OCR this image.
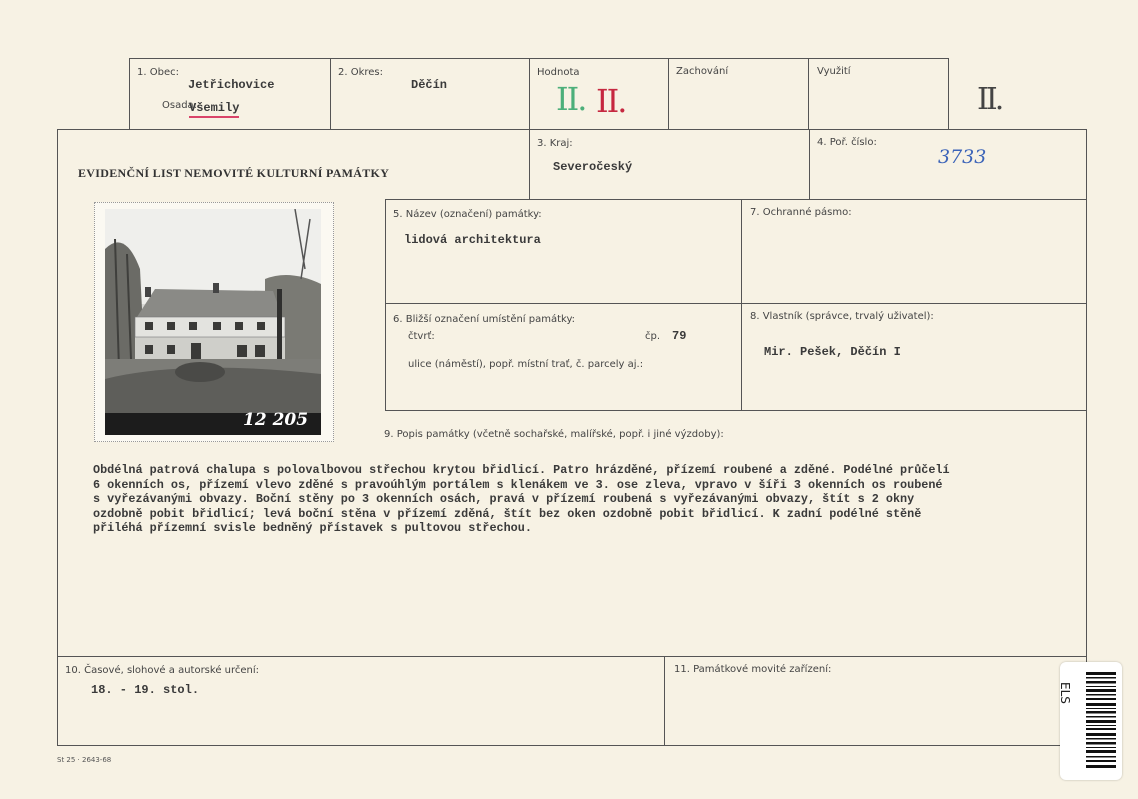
1. Obec:
Jetřichovice
Osada:
Všemily
2. Okres:
Děčín
Hodnota
II. II.
Zachování	Využití
II.
EVIDENČNÍ LIST NEMOVITÉ KULTURNÍ PAMÁTKY
3. Kraj:
Severočeský
4. Poř. číslo:
3733
5. Název (označení) památky:
lidová architektura
7. Ochranné pásmo:
6. Bližší označení umístění památky:
čtvrť:	čp. 79
ulice (náměstí), popř. místní trať, č. parcely aj.:
8. Vlastník (správce, trvalý uživatel):
Mir. Pešek, Děčín I
12 205
9. Popis památky (včetně sochařské, malířské, popř. i jiné výzdoby):
Obdélná patrová chalupa s polovalbovou střechou krytou břidlicí. Patro hrázděné, přízemí roubené a zděné. Podélné průčelí
6 okenních os, přízemí vlevo zděné s pravoúhlým portálem s klenákem ve 3. ose zleva, vpravo v šíři 3 okenních os roubené
s vyřezávanými obvazy. Boční stěny po 3 okenních osách, pravá v přízemí roubená s vyřezávanými obvazy, štít s 2 okny
ozdobně pobit břidlicí; levá boční stěna v přízemí zděná, štít bez oken ozdobně pobit břidlicí. K zadní podélné stěně
přiléhá přízemní svisle bedněný přístavek s pultovou střechou.
10. Časové, slohové a autorské určení:
18. - 19. stol.
11. Památkové movité zařízení:
St 25 · 2643-68
ELS
